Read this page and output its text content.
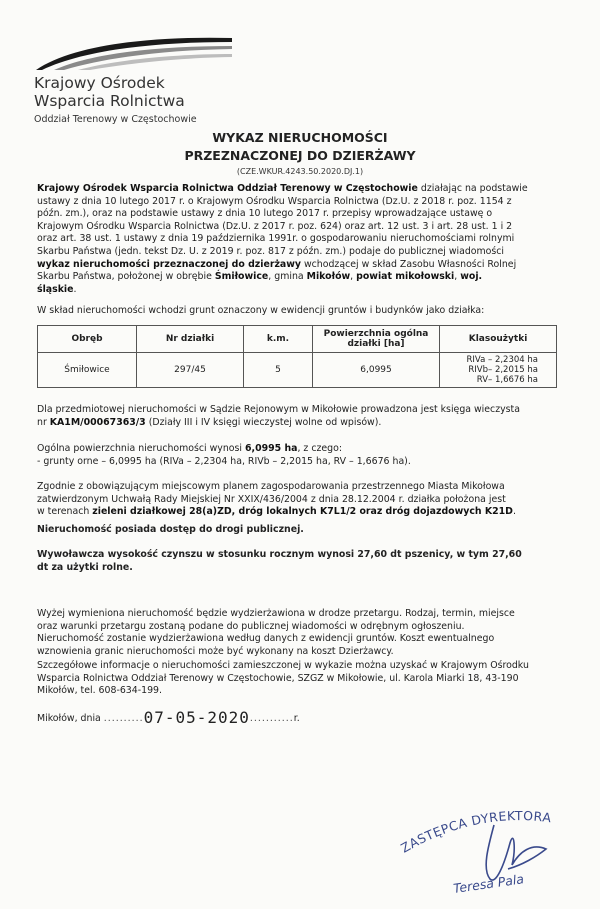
Krajowy Ośrodek
Wsparcia Rolnictwa
Oddział Terenowy w Częstochowie
WYKAZ NIERUCHOMOŚCI
PRZEZNACZONEJ DO DZIERŻAWY
(CZE.WKUR.4243.50.2020.DJ.1)
Krajowy Ośrodek Wsparcia Rolnictwa Oddział Terenowy w Częstochowie działając na podstawie
ustawy z dnia 10 lutego 2017 r. o Krajowym Ośrodku Wsparcia Rolnictwa (Dz.U. z 2018 r. poz. 1154 z
późn. zm.), oraz na podstawie ustawy z dnia 10 lutego 2017 r. przepisy wprowadzające ustawę o
Krajowym Ośrodku Wsparcia Rolnictwa (Dz.U. z 2017 r. poz. 624) oraz art. 12 ust. 3 i art. 28 ust. 1 i 2
oraz art. 38 ust. 1 ustawy z dnia 19 października 1991r. o gospodarowaniu nieruchomościami rolnymi
Skarbu Państwa (jedn. tekst Dz. U. z 2019 r. poz. 817 z późn. zm.) podaje do publicznej wiadomości
wykaz nieruchomości przeznaczonej do dzierżawy wchodzącej w skład Zasobu Własności Rolnej
Skarbu Państwa, położonej w obrębie Śmiłowice, gmina Mikołów, powiat mikołowski, woj.
śląskie.
W skład nieruchomości wchodzi grunt oznaczony w ewidencji gruntów i budynków jako działka:
Obręb	Nr działki	k.m.	Powierzchnia ogólna działki [ha]	Klasoużytki
Śmiłowice	297/45	5	6,0995	RIVa – 2,2304 ha
RIVb– 2,2015 ha
RV– 1,6676 ha
Dla przedmiotowej nieruchomości w Sądzie Rejonowym w Mikołowie prowadzona jest księga wieczysta
nr KA1M/00067363/3 (Działy III i IV księgi wieczystej wolne od wpisów).
Ogólna powierzchnia nieruchomości wynosi 6,0995 ha, z czego:
- grunty orne – 6,0995 ha (RIVa – 2,2304 ha, RIVb – 2,2015 ha, RV – 1,6676 ha).
Zgodnie z obowiązującym miejscowym planem zagospodarowania przestrzennego Miasta Mikołowa
zatwierdzonym Uchwałą Rady Miejskiej Nr XXIX/436/2004 z dnia 28.12.2004 r. działka położona jest
w terenach zieleni działkowej 28(a)ZD, dróg lokalnych K7L1/2 oraz dróg dojazdowych K21D.
Nieruchomość posiada dostęp do drogi publicznej.
Wywoławcza wysokość czynszu w stosunku rocznym wynosi 27,60 dt pszenicy, w tym 27,60
dt za użytki rolne.
Wyżej wymieniona nieruchomość będzie wydzierżawiona w drodze przetargu. Rodzaj, termin, miejsce
oraz warunki przetargu zostaną podane do publicznej wiadomości w odrębnym ogłoszeniu.
Nieruchomość zostanie wydzierżawiona według danych z ewidencji gruntów. Koszt ewentualnego
wznowienia granic nieruchomości może być wykonany na koszt Dzierżawcy.
Szczegółowe informacje o nieruchomości zamieszczonej w wykazie można uzyskać w Krajowym Ośrodku
Wsparcia Rolnictwa Oddział Terenowy w Częstochowie, SZGZ w Mikołowie, ul. Karola Miarki 18, 43-190
Mikołów, tel. 608-634-199.
Mikołów, dnia ..........07-05-2020...........r.
ZASTĘPCA DYREKTORA
Teresa Pala
